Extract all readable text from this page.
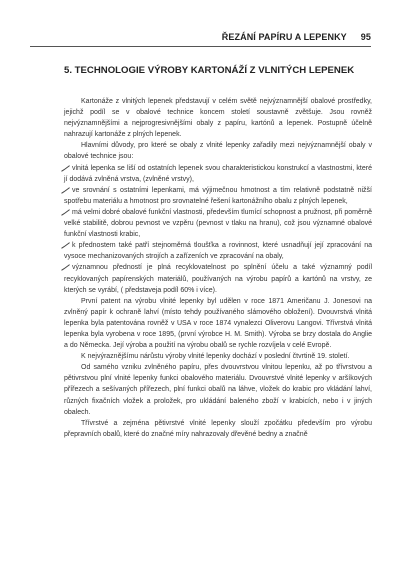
ŘEZÁNÍ PAPÍRU A LEPENKY 95
5. TECHNOLOGIE VÝROBY KARTONÁŽÍ Z VLNITÝCH LEPENEK

Kartonáže z vlnitých lepenek představují v celém světě nejvýznamnější obalové prostředky, jejichž podíl se v obalové technice koncem století soustavně zvětšuje. Jsou rovněž nejvýznamnějšími a nejprogresivnějšími obaly z papíru, kartónů a lepenek. Postupně účelně nahrazují kartonáže z plných lepenek.

Hlavními důvody, pro které se obaly z vlnité lepenky zařadily mezi nejvýznamnější obaly v obalové technice jsou:

vlnitá lepenka se liší od ostatních lepenek svou charakteristickou konstrukcí a vlastnostmi, které jí dodává zvlněná vrstva, (zvlněné vrstvy),
ve srovnání s ostatními lepenkami, má výjimečnou hmotnost a tím relativně podstatně nižší spotřebu materiálu a hmotnost pro srovnatelné řešení kartonážního obalu z plných lepenek,
má velmi dobré obalové funkční vlastnosti, především tlumící schopnost a pružnost, při poměrně velké stabilitě, dobrou pevnost ve vzpěru (pevnost v tlaku na hranu), což jsou významné obalové funkční vlastnosti krabic,
k přednostem také patří stejnoměrná tloušťka a rovinnost, které usnadňují její zpracování na vysoce mechanizovaných strojích a zařízeních ve zpracování na obaly,
významnou předností je plná recyklovatelnost po splnění účelu a také významný podíl recyklovaných papírenských materiálů, používaných na výrobu papírů a kartónů na vrstvy, ze kterých se vyrábí, ( představeja podíl 60% i více).

První patent na výrobu vlnité lepenky byl udělen v roce 1871 Američanu J. Jonesovi na zvlněný papír k ochraně lahví (místo tehdy používaného slámového obložení). Dvouvrstvá vlnitá lepenka byla patentována rovněž v USA v roce 1874 vynalezci Oliverovu Langovi. Třívrstvá vlnitá lepenka byla vyrobena v roce 1895, (první výrobce H. M. Smith). Výroba se brzy dostala do Anglie a do Německa. Její výroba a použití na výrobu obalů se rychle rozvíjela v celé Evropě.

K nejvýraznějšímu nárůstu výroby vlnité lepenky dochází v poslední čtvrtině 19. století.

Od samého vzniku zvlněného papíru, přes dvouvrstvou vlnitou lepenku, až po třívrstvou a pětivrstvou plní vlnité lepenky funkci obalového materiálu. Dvouvrstvé vlnité lepenky v aršíkových přířezech a sešívaných přířezech, plní funkci obalů na láhve, vložek do krabic pro vkládání lahví, různých fixačních vložek a proložek, pro ukládání baleného zboží v krabicích, nebo i v jiných obalech.

Třívrstvé a zejména pětivrstvé vlnité lepenky slouží zpočátku především pro výrobu přepravních obalů, které do značné míry nahrazovaly dřevěné bedny a značně
